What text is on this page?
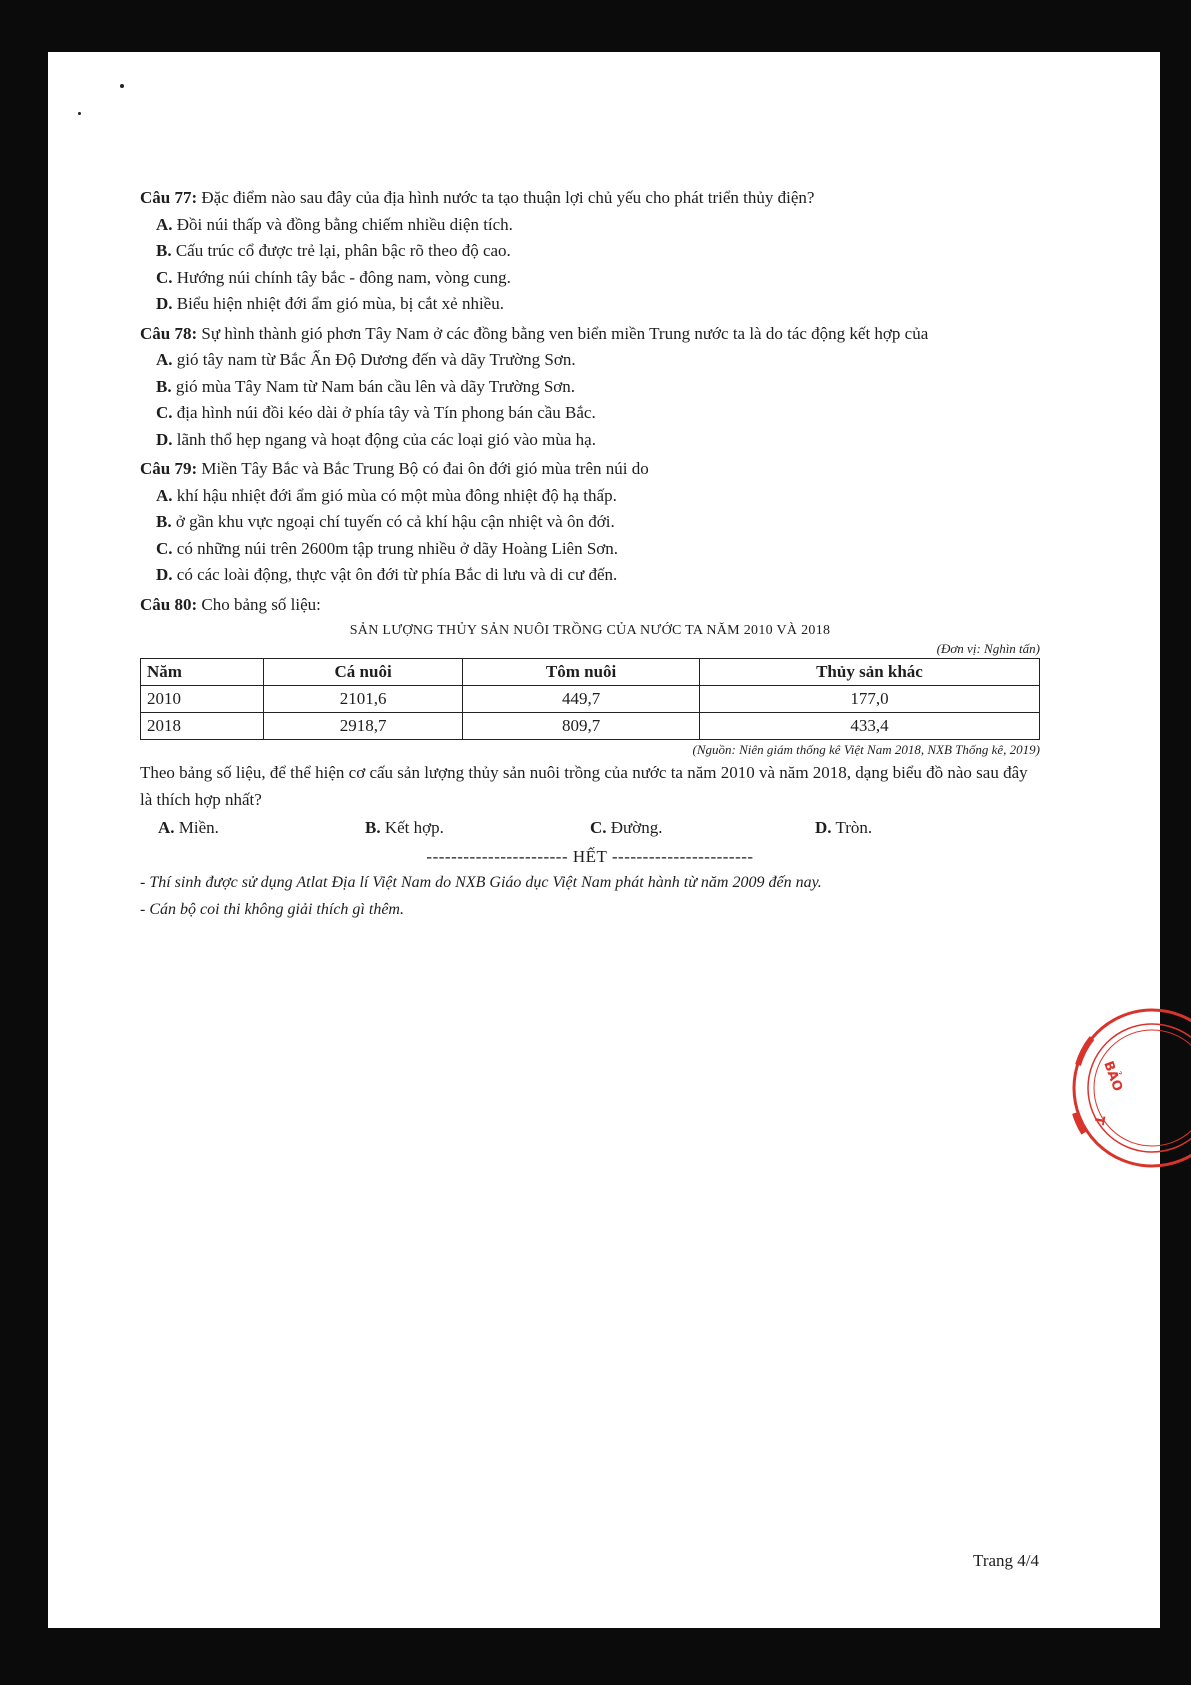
Câu 77: Đặc điểm nào sau đây của địa hình nước ta tạo thuận lợi chủ yếu cho phát triển thủy điện?

A. Đồi núi thấp và đồng bằng chiếm nhiều diện tích.

B. Cấu trúc cổ được trẻ lại, phân bậc rõ theo độ cao.

C. Hướng núi chính tây bắc - đông nam, vòng cung.

D. Biểu hiện nhiệt đới ẩm gió mùa, bị cắt xẻ nhiều.

Câu 78: Sự hình thành gió phơn Tây Nam ở các đồng bằng ven biển miền Trung nước ta là do tác động kết hợp của

A. gió tây nam từ Bắc Ấn Độ Dương đến và dãy Trường Sơn.

B. gió mùa Tây Nam từ Nam bán cầu lên và dãy Trường Sơn.

C. địa hình núi đồi kéo dài ở phía tây và Tín phong bán cầu Bắc.

D. lãnh thổ hẹp ngang và hoạt động của các loại gió vào mùa hạ.

Câu 79: Miền Tây Bắc và Bắc Trung Bộ có đai ôn đới gió mùa trên núi do

A. khí hậu nhiệt đới ẩm gió mùa có một mùa đông nhiệt độ hạ thấp.

B. ở gần khu vực ngoại chí tuyến có cả khí hậu cận nhiệt và ôn đới.

C. có những núi trên 2600m tập trung nhiều ở dãy Hoàng Liên Sơn.

D. có các loài động, thực vật ôn đới từ phía Bắc di lưu và di cư đến.

Câu 80: Cho bảng số liệu:

SẢN LƯỢNG THỦY SẢN NUÔI TRỒNG CỦA NƯỚC TA NĂM 2010 VÀ 2018
(Đơn vị: Nghìn tấn)
Năm	Cá nuôi	Tôm nuôi	Thủy sản khác
2010	2101,6	449,7	177,0
2018	2918,7	809,7	433,4
(Nguồn: Niên giám thống kê Việt Nam 2018, NXB Thống kê, 2019)

Theo bảng số liệu, để thể hiện cơ cấu sản lượng thủy sản nuôi trồng của nước ta năm 2010 và năm 2018, dạng biểu đồ nào sau đây là thích hợp nhất?

A. Miền.	B. Kết hợp.	C. Đường.	D. Tròn.
----------------------- HẾT -----------------------

- Thí sinh được sử dụng Atlat Địa lí Việt Nam do NXB Giáo dục Việt Nam phát hành từ năm 2009 đến nay.

- Cán bộ coi thi không giải thích gì thêm.

Trang 4/4
BẢO
T
